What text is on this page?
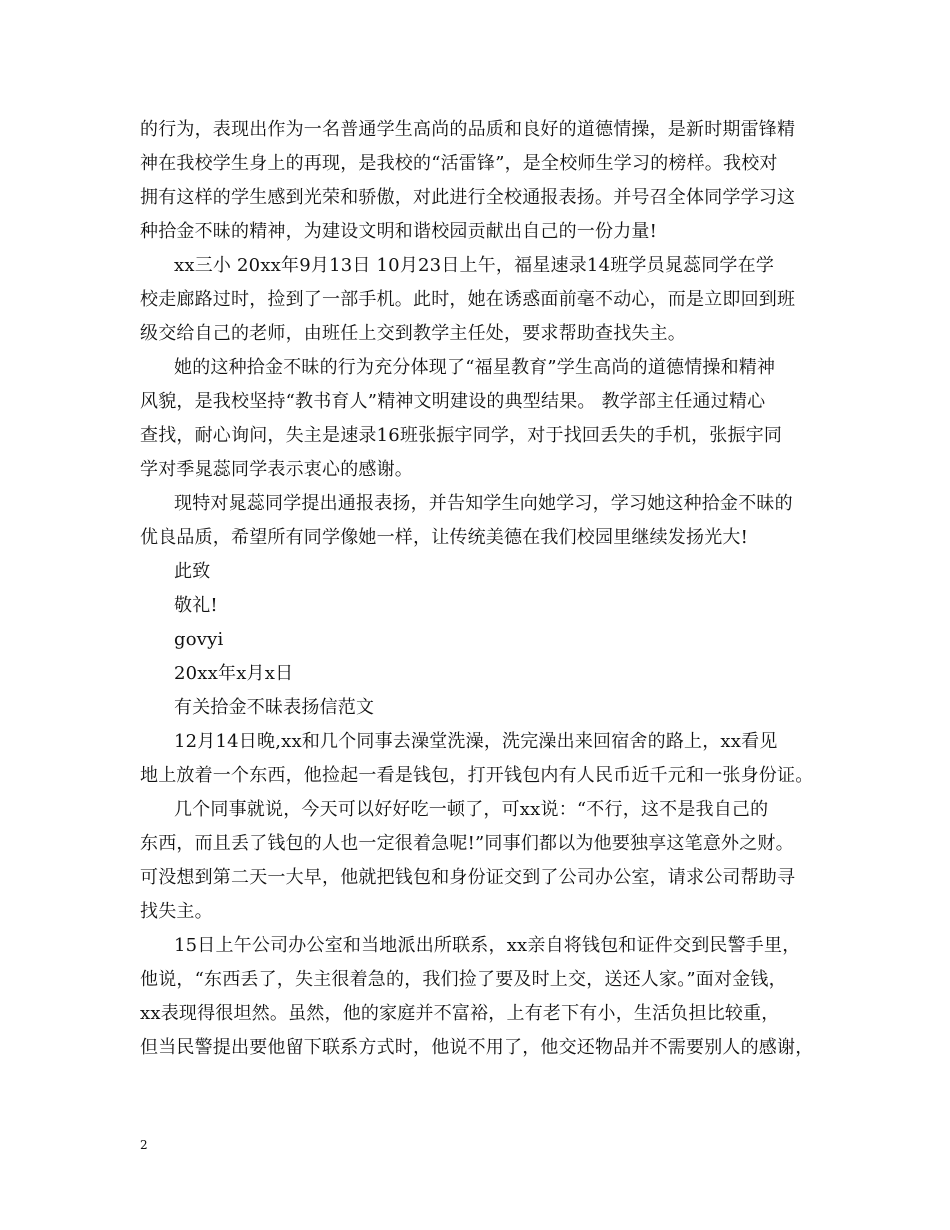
的行为，表现出作为一名普通学生高尚的品质和良好的道德情操，是新时期雷锋精
神在我校学生身上的再现，是我校的“活雷锋”，是全校师生学习的榜样。我校对
拥有这样的学生感到光荣和骄傲，对此进行全校通报表扬。并号召全体同学学习这
种拾金不昧的精神，为建设文明和谐校园贡献出自己的一份力量!
xx三小 20xx年9月13日 10月23日上午，福星速录14班学员晁蕊同学在学
校走廊路过时，捡到了一部手机。此时，她在诱惑面前毫不动心，而是立即回到班
级交给自己的老师，由班任上交到教学主任处，要求帮助查找失主。
她的这种拾金不昧的行为充分体现了“福星教育”学生高尚的道德情操和精神
风貌，是我校坚持“教书育人”精神文明建设的典型结果。 教学部主任通过精心
查找，耐心询问，失主是速录16班张振宇同学，对于找回丢失的手机，张振宇同
学对季晁蕊同学表示衷心的感谢。
现特对晁蕊同学提出通报表扬，并告知学生向她学习，学习她这种拾金不昧的
优良品质，希望所有同学像她一样，让传统美德在我们校园里继续发扬光大!
此致
敬礼!
govyi
20xx年x月x日
有关拾金不昧表扬信范文
12月14日晚,xx和几个同事去澡堂洗澡，洗完澡出来回宿舍的路上，xx看见
地上放着一个东西，他捡起一看是钱包，打开钱包内有人民币近千元和一张身份证。
几个同事就说，今天可以好好吃一顿了，可xx说：“不行，这不是我自己的
东西，而且丢了钱包的人也一定很着急呢!”同事们都以为他要独享这笔意外之财。
可没想到第二天一大早，他就把钱包和身份证交到了公司办公室，请求公司帮助寻
找失主。
15日上午公司办公室和当地派出所联系，xx亲自将钱包和证件交到民警手里，
他说，“东西丢了，失主很着急的，我们捡了要及时上交，送还人家。”面对金钱，
xx表现得很坦然。虽然，他的家庭并不富裕，上有老下有小，生活负担比较重，
但当民警提出要他留下联系方式时，他说不用了，他交还物品并不需要别人的感谢，
2
